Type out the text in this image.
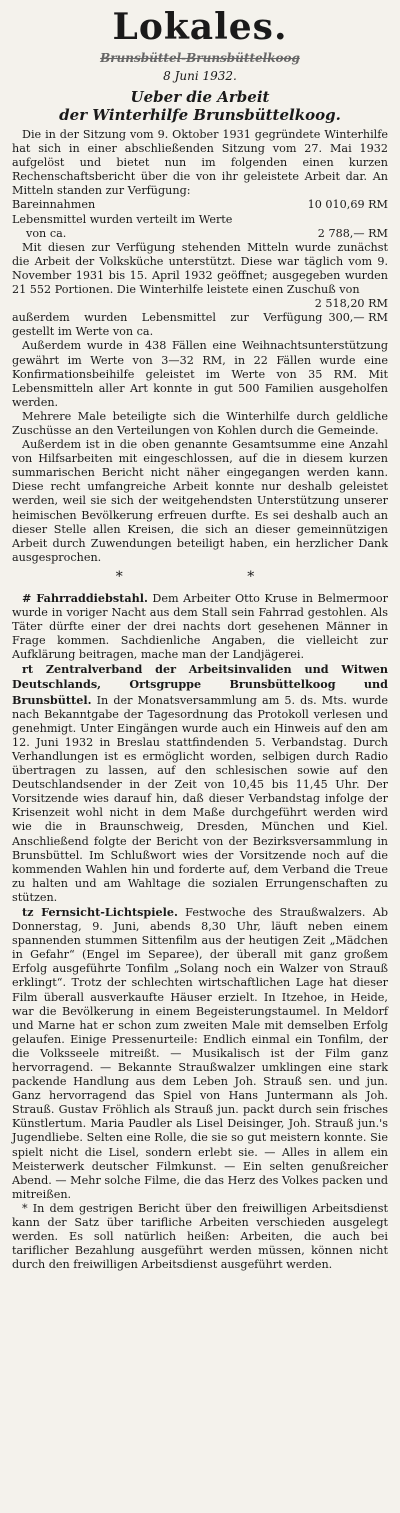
Lokales.
Brunsbüttel-Brunsbüttelkoog
8 Juni 1932.
Ueber die Arbeit
der Winterhilfe Brunsbüttelkoog.

Die in der Sitzung vom 9. Oktober 1931 gegründete Winterhilfe hat sich in einer abschließenden Sitzung vom 27. Mai 1932 aufgelöst und bietet nun im folgenden einen kurzen Rechenschaftsbericht über die von ihr geleistete Arbeit dar. An Mitteln standen zur Verfügung:

Bareinnahmen	10 010,69 RM
Lebensmittel wurden verteilt im Werte
von ca.	2 788,— RM

Mit diesen zur Verfügung stehenden Mitteln wurde zunächst die Arbeit der Volksküche unterstützt. Diese war täglich vom 9. November 1931 bis 15. April 1932 geöffnet; ausgegeben wurden 21 552 Portionen. Die Winterhilfe leistete einen Zuschuß von

2 518,20 RM
außerdem wurden Lebensmittel zur Verfügung gestellt im Werte von ca.
300,— RM

Außerdem wurde in 438 Fällen eine Weihnachtsunterstützung gewährt im Werte von 3—32 RM, in 22 Fällen wurde eine Konfirmationsbeihilfe geleistet im Werte von 35 RM. Mit Lebensmitteln aller Art konnte in gut 500 Familien ausgeholfen werden.

Mehrere Male beteiligte sich die Winterhilfe durch geldliche Zuschüsse an den Verteilungen von Kohlen durch die Gemeinde.

Außerdem ist in die oben genannte Gesamtsumme eine Anzahl von Hilfsarbeiten mit eingeschlossen, auf die in diesem kurzen summarischen Bericht nicht näher eingegangen werden kann. Diese recht umfangreiche Arbeit konnte nur deshalb geleistet werden, weil sie sich der weitgehendsten Unterstützung unserer heimischen Bevölkerung erfreuen durfte. Es sei deshalb auch an dieser Stelle allen Kreisen, die sich an dieser gemeinnützigen Arbeit durch Zuwendungen beteiligt haben, ein herzlicher Dank ausgesprochen.

* *

# Fahrraddiebstahl. Dem Arbeiter Otto Kruse in Belmermoor wurde in voriger Nacht aus dem Stall sein Fahrrad gestohlen. Als Täter dürfte einer der drei nachts dort gesehenen Männer in Frage kommen. Sachdienliche Angaben, die vielleicht zur Aufklärung beitragen, mache man der Landjägerei.

rt Zentralverband der Arbeitsinvaliden und Witwen Deutschlands, Ortsgruppe Brunsbüttelkoog und Brunsbüttel. In der Monatsversammlung am 5. ds. Mts. wurde nach Bekanntgabe der Tagesordnung das Protokoll verlesen und genehmigt. Unter Eingängen wurde auch ein Hinweis auf den am 12. Juni 1932 in Breslau stattfindenden 5. Verbandstag. Durch Verhandlungen ist es ermöglicht worden, selbigen durch Radio übertragen zu lassen, auf den schlesischen sowie auf den Deutschlandsender in der Zeit von 10,45 bis 11,45 Uhr. Der Vorsitzende wies darauf hin, daß dieser Verbandstag infolge der Krisenzeit wohl nicht in dem Maße durchgeführt werden wird wie die in Braunschweig, Dresden, München und Kiel. Anschließend folgte der Bericht von der Bezirksversammlung in Brunsbüttel. Im Schlußwort wies der Vorsitzende noch auf die kommenden Wahlen hin und forderte auf, dem Verband die Treue zu halten und am Wahltage die sozialen Errungenschaften zu stützen.

tz Fernsicht-Lichtspiele. Festwoche des Straußwalzers. Ab Donnerstag, 9. Juni, abends 8,30 Uhr, läuft neben einem spannenden stummen Sittenfilm aus der heutigen Zeit „Mädchen in Gefahr“ (Engel im Separee), der überall mit ganz großem Erfolg ausgeführte Tonfilm „Solang noch ein Walzer von Strauß erklingt“. Trotz der schlechten wirtschaftlichen Lage hat dieser Film überall ausverkaufte Häuser erzielt. In Itzehoe, in Heide, war die Bevölkerung in einem Begeisterungstaumel. In Meldorf und Marne hat er schon zum zweiten Male mit demselben Erfolg gelaufen. Einige Pressenurteile: Endlich einmal ein Tonfilm, der die Volksseele mitreißt. — Musikalisch ist der Film ganz hervorragend. — Bekannte Straußwalzer umklingen eine stark packende Handlung aus dem Leben Joh. Strauß sen. und jun. Ganz hervorragend das Spiel von Hans Juntermann als Joh. Strauß. Gustav Fröhlich als Strauß jun. packt durch sein frisches Künstlertum. Maria Paudler als Lisel Deisinger, Joh. Strauß jun.'s Jugendliebe. Selten eine Rolle, die sie so gut meistern konnte. Sie spielt nicht die Lisel, sondern erlebt sie. — Alles in allem ein Meisterwerk deutscher Filmkunst. — Ein selten genußreicher Abend. — Mehr solche Filme, die das Herz des Volkes packen und mitreißen.

* In dem gestrigen Bericht über den freiwilligen Arbeitsdienst kann der Satz über tarifliche Arbeiten verschieden ausgelegt werden. Es soll natürlich heißen: Arbeiten, die auch bei tariflicher Bezahlung ausgeführt werden müssen, können nicht durch den freiwilligen Arbeitsdienst ausgeführt werden.
